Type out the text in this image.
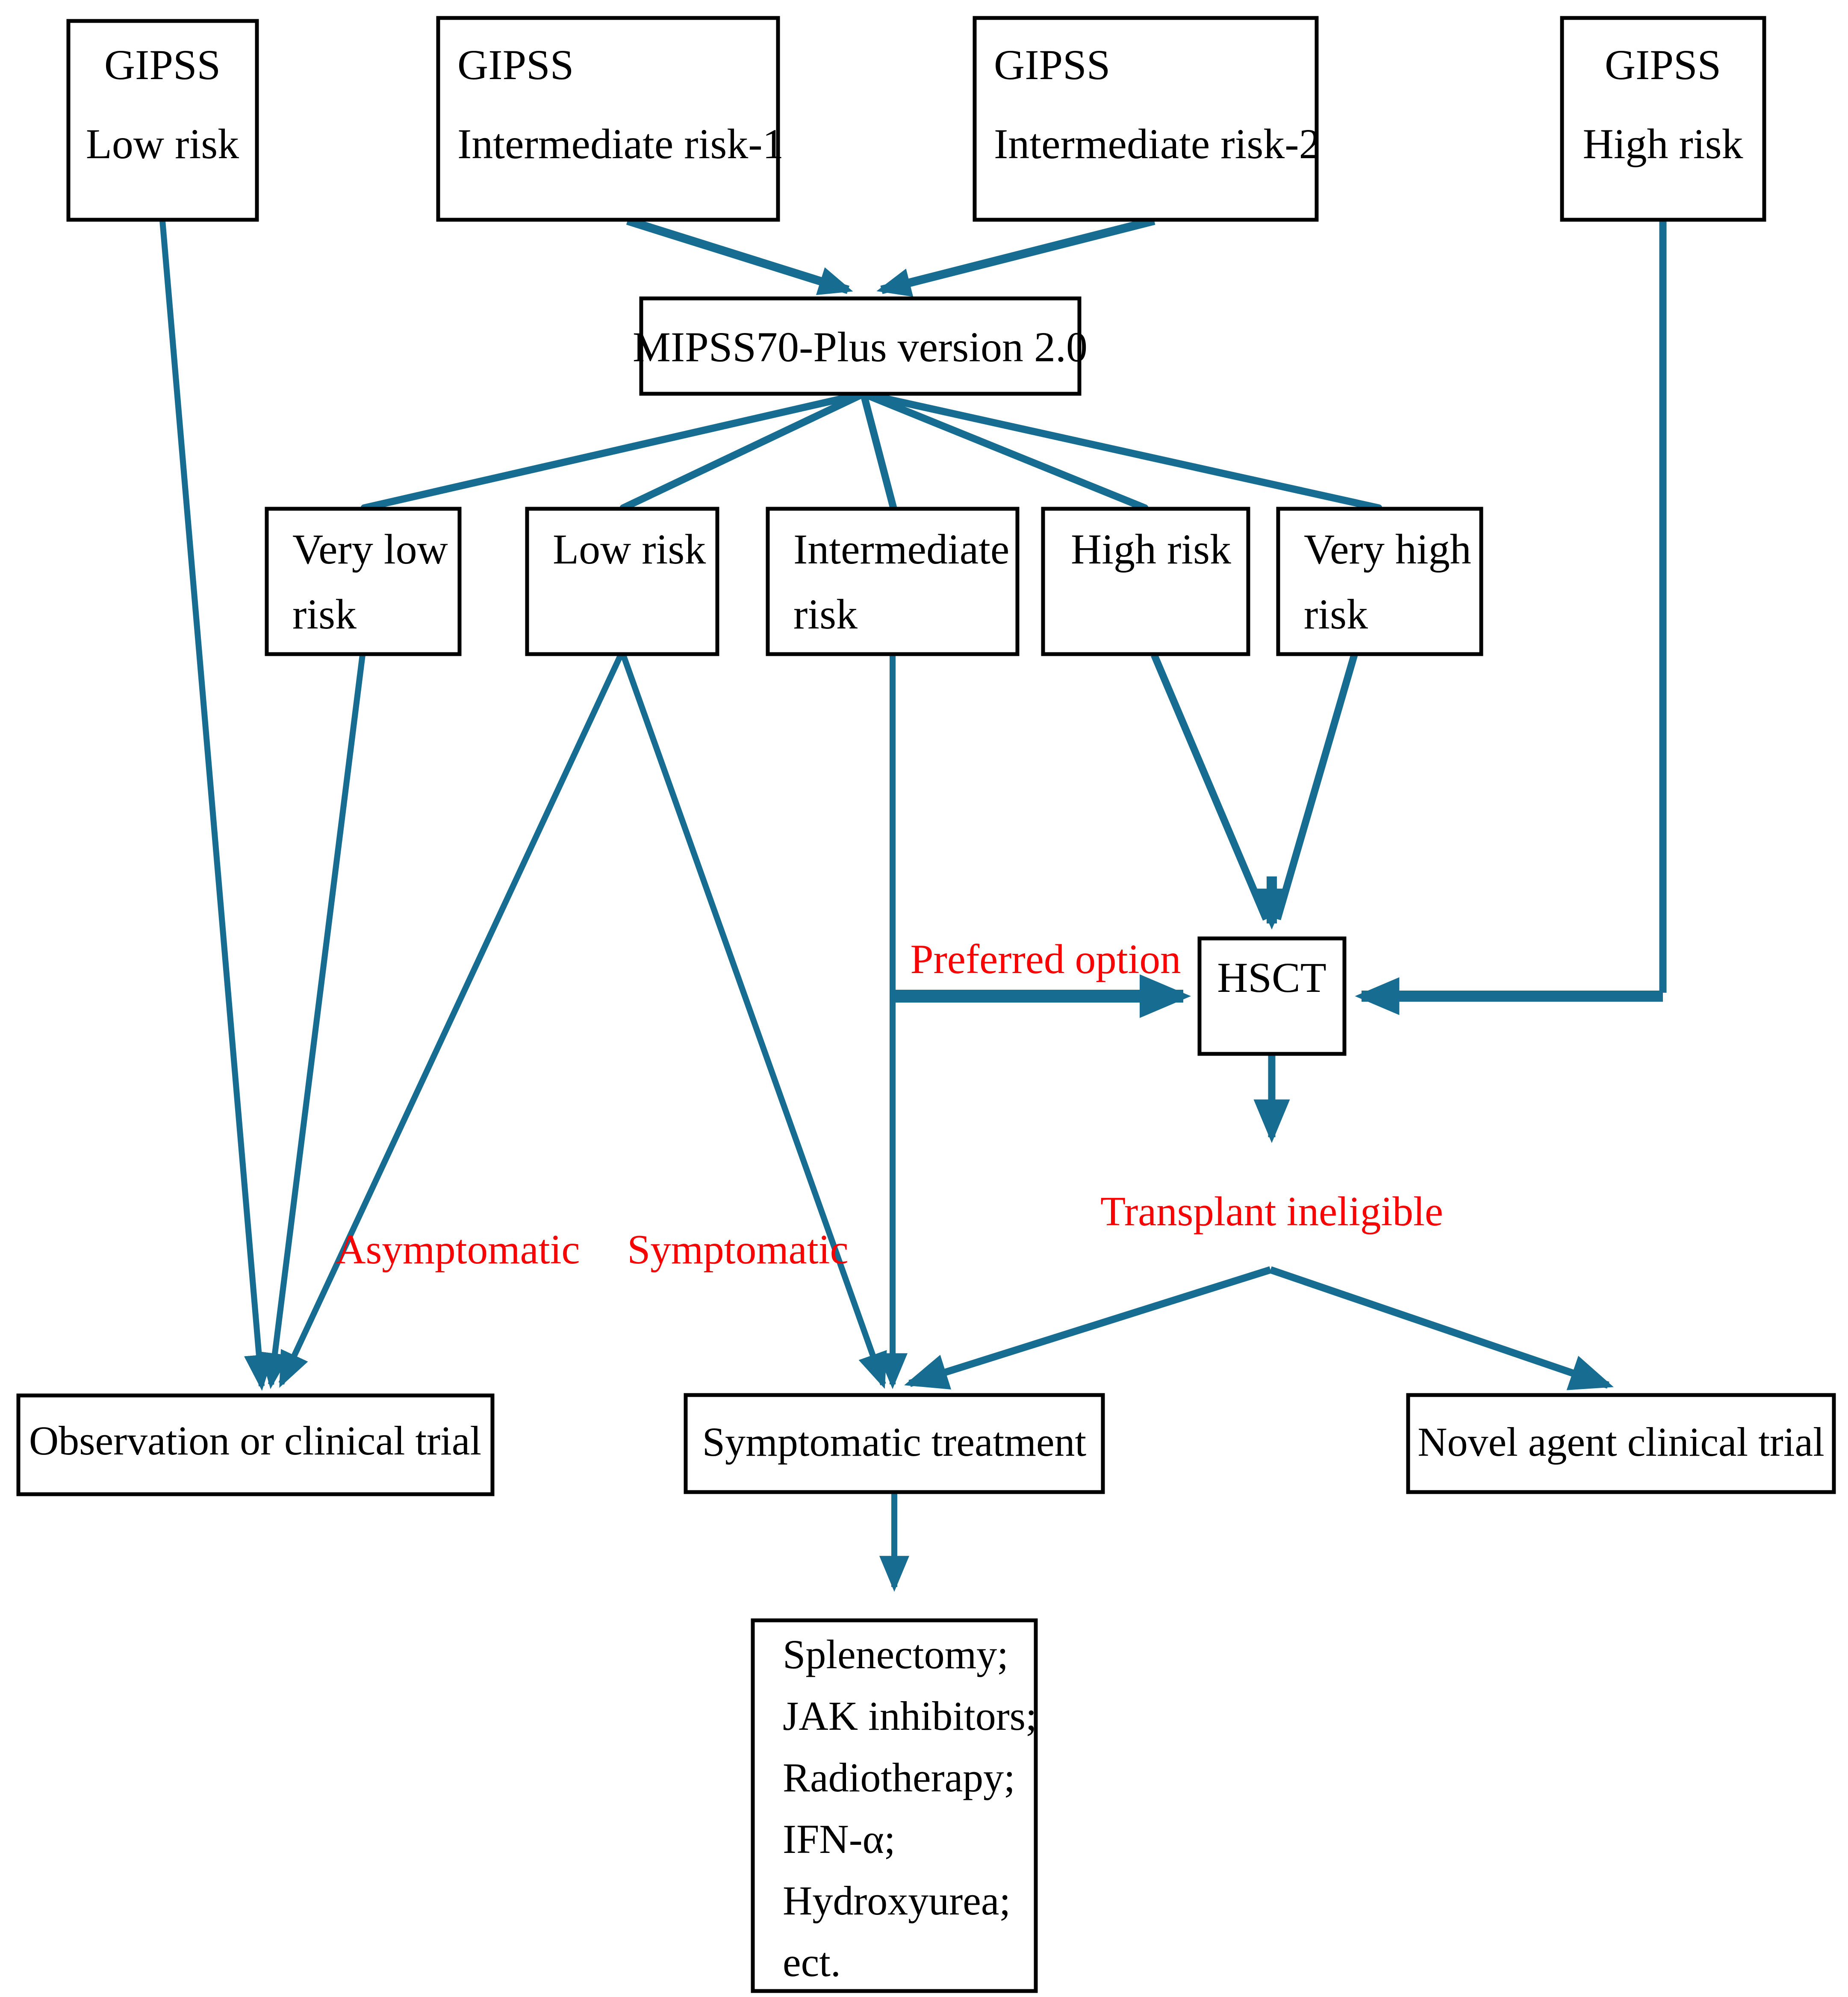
GIPSS
Low risk
GIPSS
Intermediate risk-1
GIPSS
Intermediate risk-2
GIPSS
High risk
MIPSS70-Plus version 2.0
Very low
risk
Low risk Intermediate
risk
High risk Very high
risk
HSCT
Observation or clinical trial	Symptomatic treatment	Novel agent clinical trial
Splenectomy;
JAK inhibitors;
Radiotherapy;
IFN-α;
Hydroxyurea;
ect.
Preferred option
Transplant ineligible
Asymptomatic Symptomatic
